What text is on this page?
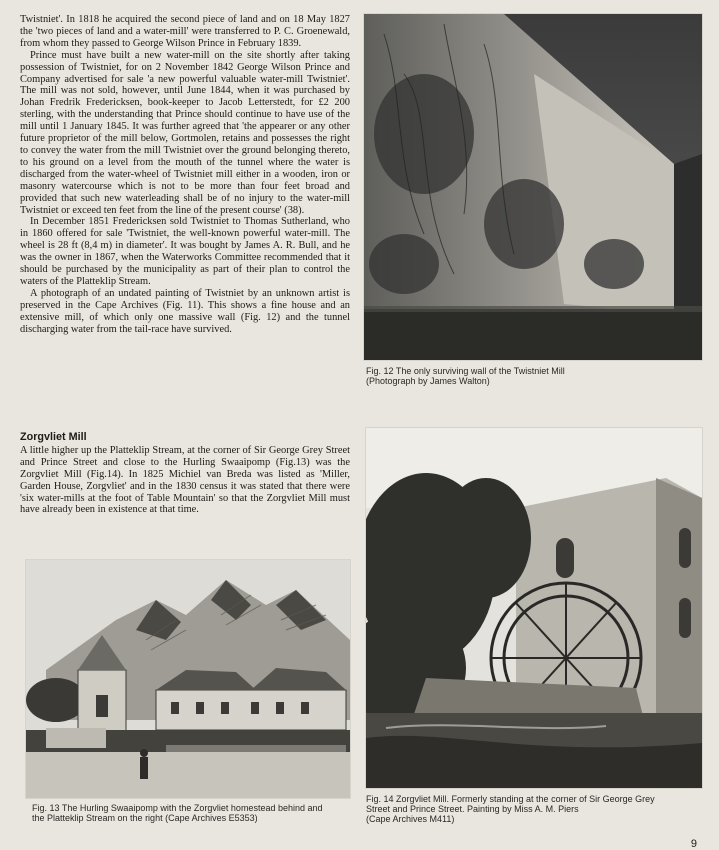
Twistniet'. In 1818 he acquired the second piece of land and on 18 May 1827 the 'two pieces of land and a water-mill' were transferred to P. C. Groenewald, from whom they passed to George Wilson Prince in February 1839.

Prince must have built a new water-mill on the site shortly after taking possession of Twistniet, for on 2 November 1842 George Wilson Prince and Company advertised for sale 'a new powerful valuable water-mill Twistniet'. The mill was not sold, however, until June 1844, when it was purchased by Johan Fredrik Fredericksen, book-keeper to Jacob Letterstedt, for £2 200 sterling, with the understanding that Prince should continue to have use of the mill until 1 January 1845. It was further agreed that 'the appearer or any other future proprietor of the mill below, Gortmolen, retains and possesses the right to convey the water from the mill Twistniet over the ground belonging thereto, to his ground on a level from the mouth of the tunnel where the water is discharged from the water-wheel of Twistniet mill either in a wooden, iron or masonry watercourse which is not to be more than four feet broad and provided that such new waterleading shall be of no injury to the water-mill Twistniet or exceed ten feet from the line of the present course' (38).

In December 1851 Fredericksen sold Twistniet to Thomas Sutherland, who in 1860 offered for sale 'Twistniet, the well-known powerful water-mill. The wheel is 28 ft (8,4 m) in diameter'. It was bought by James A. R. Bull, and he was the owner in 1867, when the Waterworks Committee recommended that it should be purchased by the municipality as part of their plan to control the waters of the Platteklip Stream.

A photograph of an undated painting of Twistniet by an unknown artist is preserved in the Cape Archives (Fig. 11). This shows a fine house and an extensive mill, of which only one massive wall (Fig. 12) and the tunnel discharging water from the tail-race have survived.

Zorgvliet Mill

A little higher up the Platteklip Stream, at the corner of Sir George Grey Street and Prince Street and close to the Hurling Swaaipomp (Fig.13) was the Zorgvliet Mill (Fig.14). In 1825 Michiel van Breda was listed as 'Miller, Garden House, Zorgvliet' and in the 1830 census it was stated that there were 'six water-mills at the foot of Table Mountain' so that the Zorgvliet Mill must have already been in existence at that time.

Fig. 12 The only surviving wall of the Twistniet Mill
(Photograph by James Walton)
Fig. 14 Zorgvliet Mill. Formerly standing at the corner of Sir George Grey
Street and Prince Street. Painting by Miss A. M. Piers
(Cape Archives M411)
Fig. 13 The Hurling Swaaipomp with the Zorgvliet homestead behind and
the Platteklip Stream on the right (Cape Archives E5353)
9
